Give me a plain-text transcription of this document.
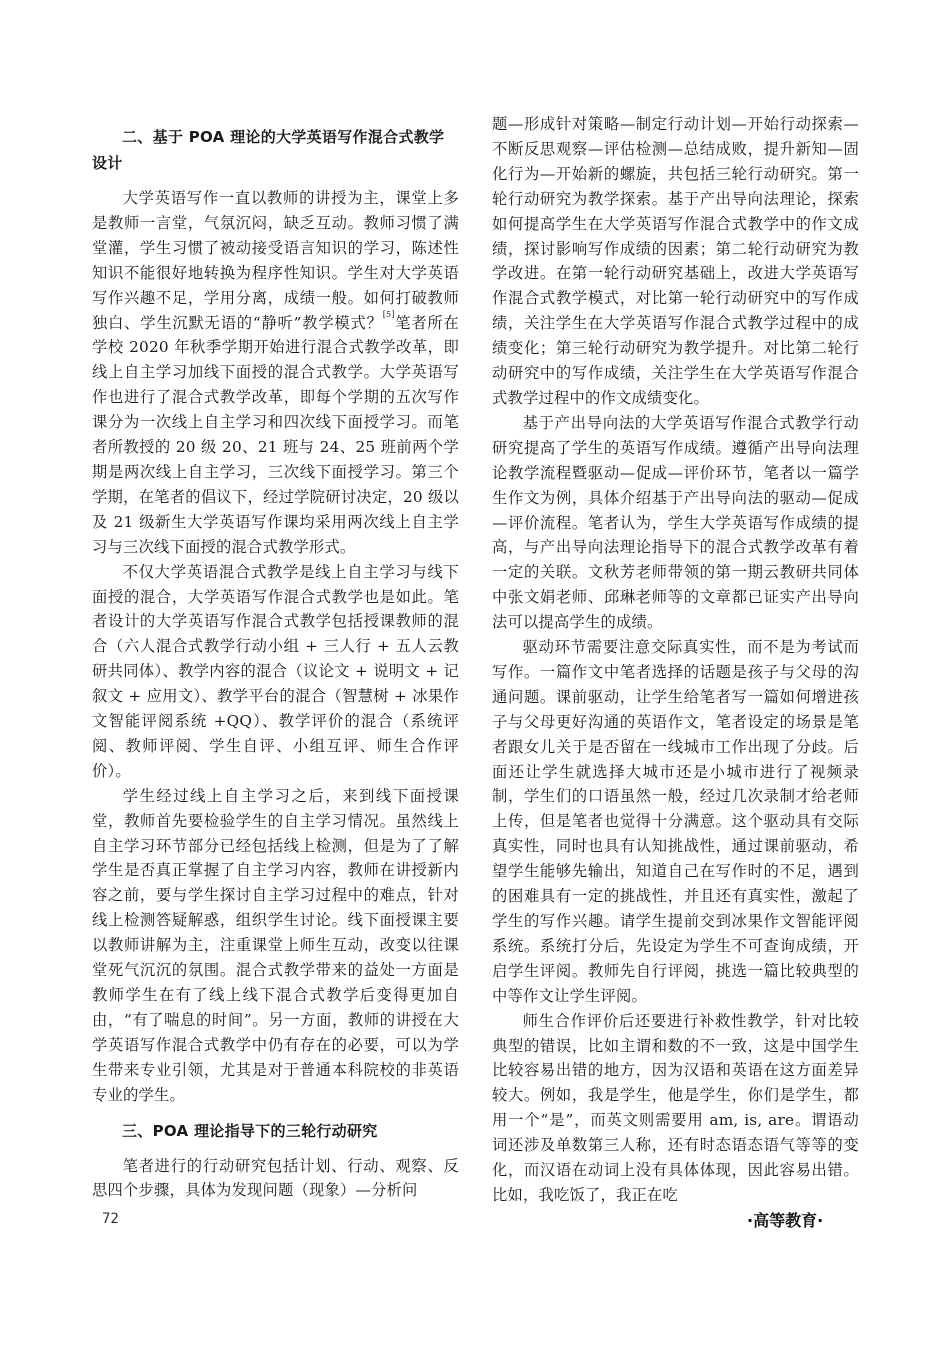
二、基于 POA 理论的大学英语写作混合式教学设计

大学英语写作一直以教师的讲授为主，课堂上多是教师一言堂，气氛沉闷，缺乏互动。教师习惯了满堂灌，学生习惯了被动接受语言知识的学习，陈述性知识不能很好地转换为程序性知识。学生对大学英语写作兴趣不足，学用分离，成绩一般。如何打破教师独白、学生沉默无语的“静听”教学模式？[5]笔者所在学校 2020 年秋季学期开始进行混合式教学改革，即线上自主学习加线下面授的混合式教学。大学英语写作也进行了混合式教学改革，即每个学期的五次写作课分为一次线上自主学习和四次线下面授学习。而笔者所教授的 20 级 20、21 班与 24、25 班前两个学期是两次线上自主学习，三次线下面授学习。第三个学期，在笔者的倡议下，经过学院研讨决定，20 级以及 21 级新生大学英语写作课均采用两次线上自主学习与三次线下面授的混合式教学形式。

不仅大学英语混合式教学是线上自主学习与线下面授的混合，大学英语写作混合式教学也是如此。笔者设计的大学英语写作混合式教学包括授课教师的混合（六人混合式教学行动小组 + 三人行 + 五人云教研共同体）、教学内容的混合（议论文 + 说明文 + 记叙文 + 应用文）、教学平台的混合（智慧树 + 冰果作文智能评阅系统 +QQ）、教学评价的混合（系统评阅、教师评阅、学生自评、小组互评、师生合作评价）。

学生经过线上自主学习之后，来到线下面授课堂，教师首先要检验学生的自主学习情况。虽然线上自主学习环节部分已经包括线上检测，但是为了了解学生是否真正掌握了自主学习内容，教师在讲授新内容之前，要与学生探讨自主学习过程中的难点，针对线上检测答疑解惑，组织学生讨论。线下面授课主要以教师讲解为主，注重课堂上师生互动，改变以往课堂死气沉沉的氛围。混合式教学带来的益处一方面是教师学生在有了线上线下混合式教学后变得更加自由，“有了喘息的时间”。另一方面，教师的讲授在大学英语写作混合式教学中仍有存在的必要，可以为学生带来专业引领，尤其是对于普通本科院校的非英语专业的学生。

三、POA 理论指导下的三轮行动研究

笔者进行的行动研究包括计划、行动、观察、反思四个步骤，具体为发现问题（现象）—分析问

题—形成针对策略—制定行动计划—开始行动探索—不断反思观察—评估检测—总结成败，提升新知—固化行为—开始新的螺旋，共包括三轮行动研究。第一轮行动研究为教学探索。基于产出导向法理论，探索如何提高学生在大学英语写作混合式教学中的作文成绩，探讨影响写作成绩的因素；第二轮行动研究为教学改进。在第一轮行动研究基础上，改进大学英语写作混合式教学模式，对比第一轮行动研究中的写作成绩，关注学生在大学英语写作混合式教学过程中的成绩变化；第三轮行动研究为教学提升。对比第二轮行动研究中的写作成绩，关注学生在大学英语写作混合式教学过程中的作文成绩变化。

基于产出导向法的大学英语写作混合式教学行动研究提高了学生的英语写作成绩。遵循产出导向法理论教学流程暨驱动—促成—评价环节，笔者以一篇学生作文为例，具体介绍基于产出导向法的驱动—促成—评价流程。笔者认为，学生大学英语写作成绩的提高，与产出导向法理论指导下的混合式教学改革有着一定的关联。文秋芳老师带领的第一期云教研共同体中张文娟老师、邱琳老师等的文章都已证实产出导向法可以提高学生的成绩。

驱动环节需要注意交际真实性，而不是为考试而写作。一篇作文中笔者选择的话题是孩子与父母的沟通问题。课前驱动，让学生给笔者写一篇如何增进孩子与父母更好沟通的英语作文，笔者设定的场景是笔者跟女儿关于是否留在一线城市工作出现了分歧。后面还让学生就选择大城市还是小城市进行了视频录制，学生们的口语虽然一般，经过几次录制才给老师上传，但是笔者也觉得十分满意。这个驱动具有交际真实性，同时也具有认知挑战性，通过课前驱动，希望学生能够先输出，知道自己在写作时的不足，遇到的困难具有一定的挑战性，并且还有真实性，激起了学生的写作兴趣。请学生提前交到冰果作文智能评阅系统。系统打分后，先设定为学生不可查询成绩，开启学生评阅。教师先自行评阅，挑选一篇比较典型的中等作文让学生评阅。

师生合作评价后还要进行补救性教学，针对比较典型的错误，比如主谓和数的不一致，这是中国学生比较容易出错的地方，因为汉语和英语在这方面差异较大。例如，我是学生，他是学生，你们是学生，都用一个“是”，而英文则需要用 am, is, are。谓语动词还涉及单数第三人称，还有时态语态语气等等的变化，而汉语在动词上没有具体体现，因此容易出错。比如，我吃饭了，我正在吃

72	·高等教育·
